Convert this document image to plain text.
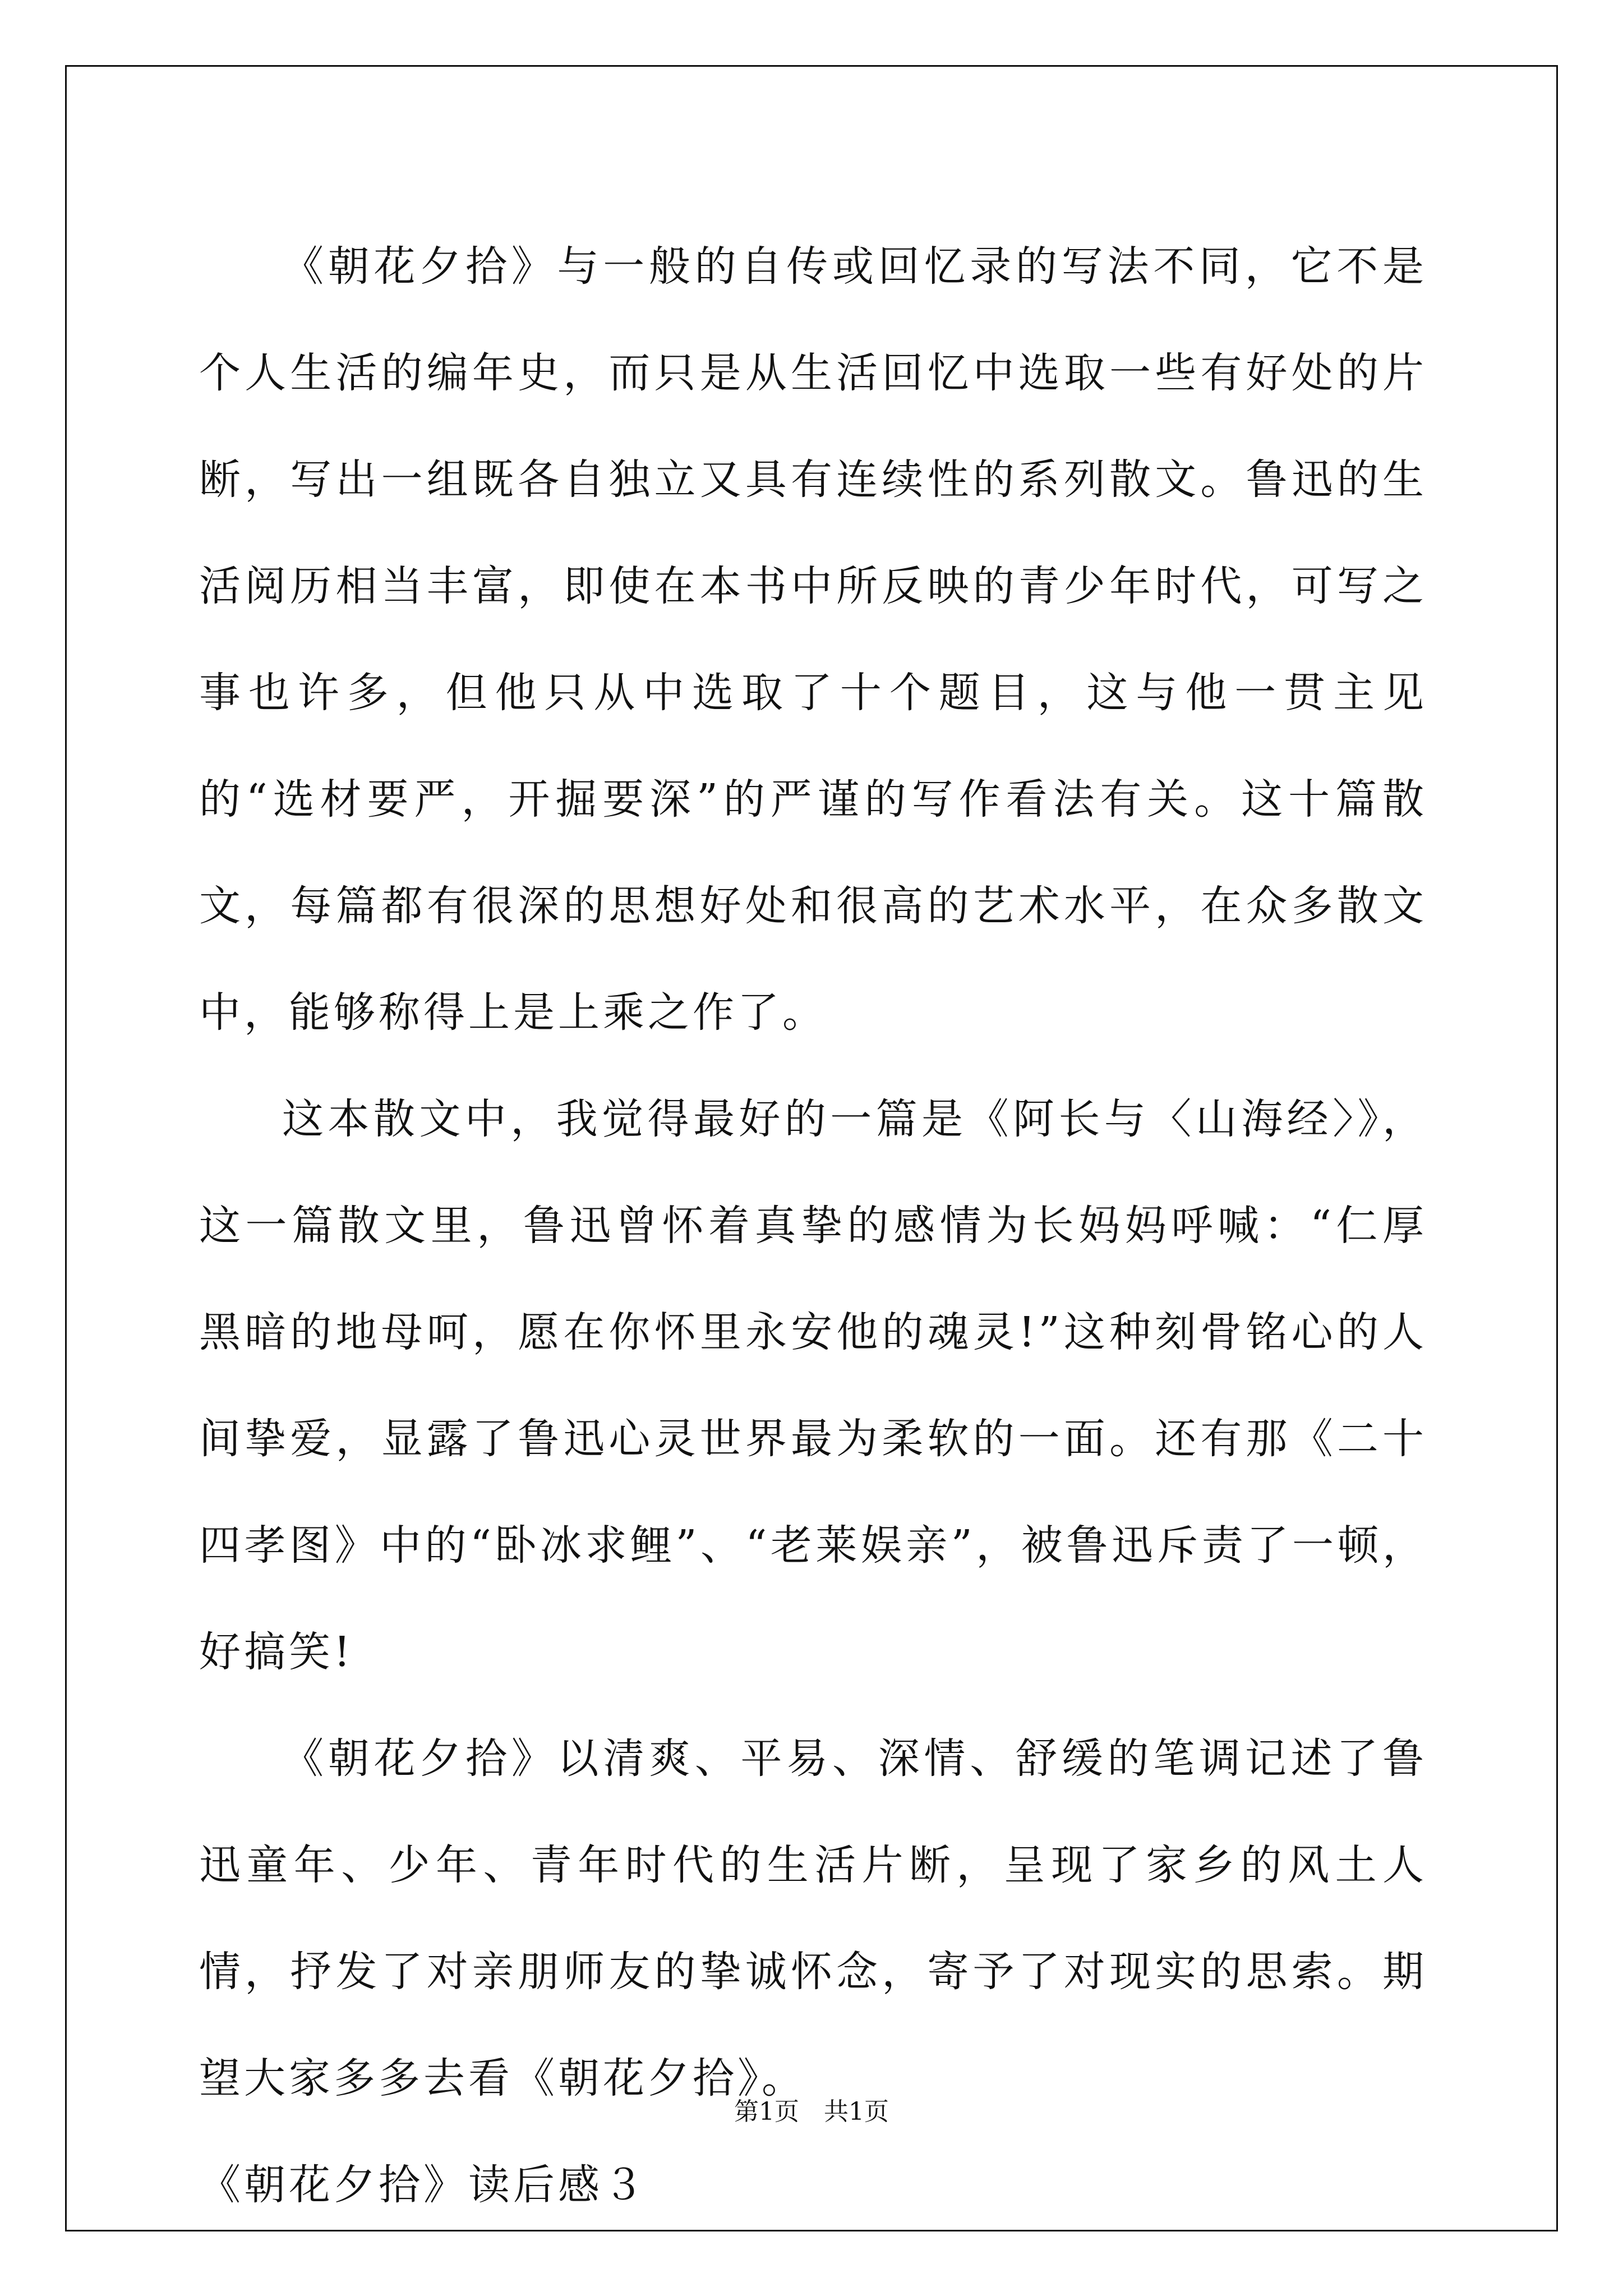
《朝花夕拾》与一般的自传或回忆录的写法不同，它不是个人生活的编年史，而只是从生活回忆中选取一些有好处的片断，写出一组既各自独立又具有连续性的系列散文。鲁迅的生活阅历相当丰富，即使在本书中所反映的青少年时代，可写之事也许多，但他只从中选取了十个题目，这与他一贯主见的“选材要严，开掘要深”的严谨的写作看法有关。这十篇散文，每篇都有很深的思想好处和很高的艺术水平，在众多散文中，能够称得上是上乘之作了。

这本散文中，我觉得最好的一篇是《阿长与〈山海经〉》，这一篇散文里，鲁迅曾怀着真挚的感情为长妈妈呼喊：“仁厚黑暗的地母呵，愿在你怀里永安他的魂灵!”这种刻骨铭心的人间挚爱，显露了鲁迅心灵世界最为柔软的一面。还有那《二十四孝图》中的“卧冰求鲤”、“老莱娱亲”，被鲁迅斥责了一顿，好搞笑!

《朝花夕拾》以清爽、平易、深情、舒缓的笔调记述了鲁迅童年、少年、青年时代的生活片断，呈现了家乡的风土人情，抒发了对亲朋师友的挚诚怀念，寄予了对现实的思索。期望大家多多去看《朝花夕拾》。

《朝花夕拾》读后感３

第1页 共1页
